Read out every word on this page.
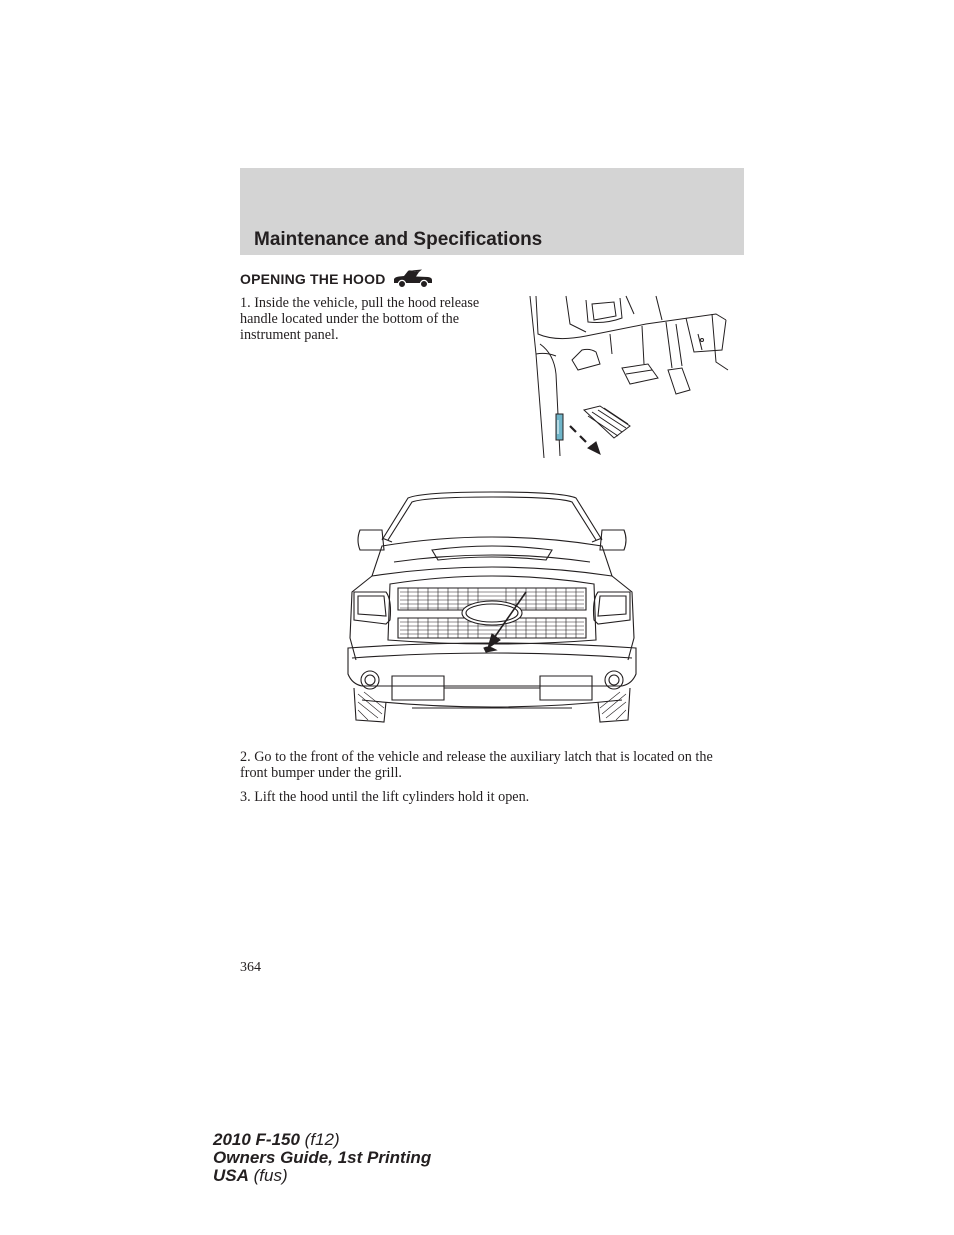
Maintenance and Specifications
OPENING THE HOOD

1. Inside the vehicle, pull the hood release handle located under the bottom of the instrument panel.

2. Go to the front of the vehicle and release the auxiliary latch that is located on the front bumper under the grill.

3. Lift the hood until the lift cylinders hold it open.

364

2010 F-150 (f12)
Owners Guide, 1st Printing
USA (fus)
